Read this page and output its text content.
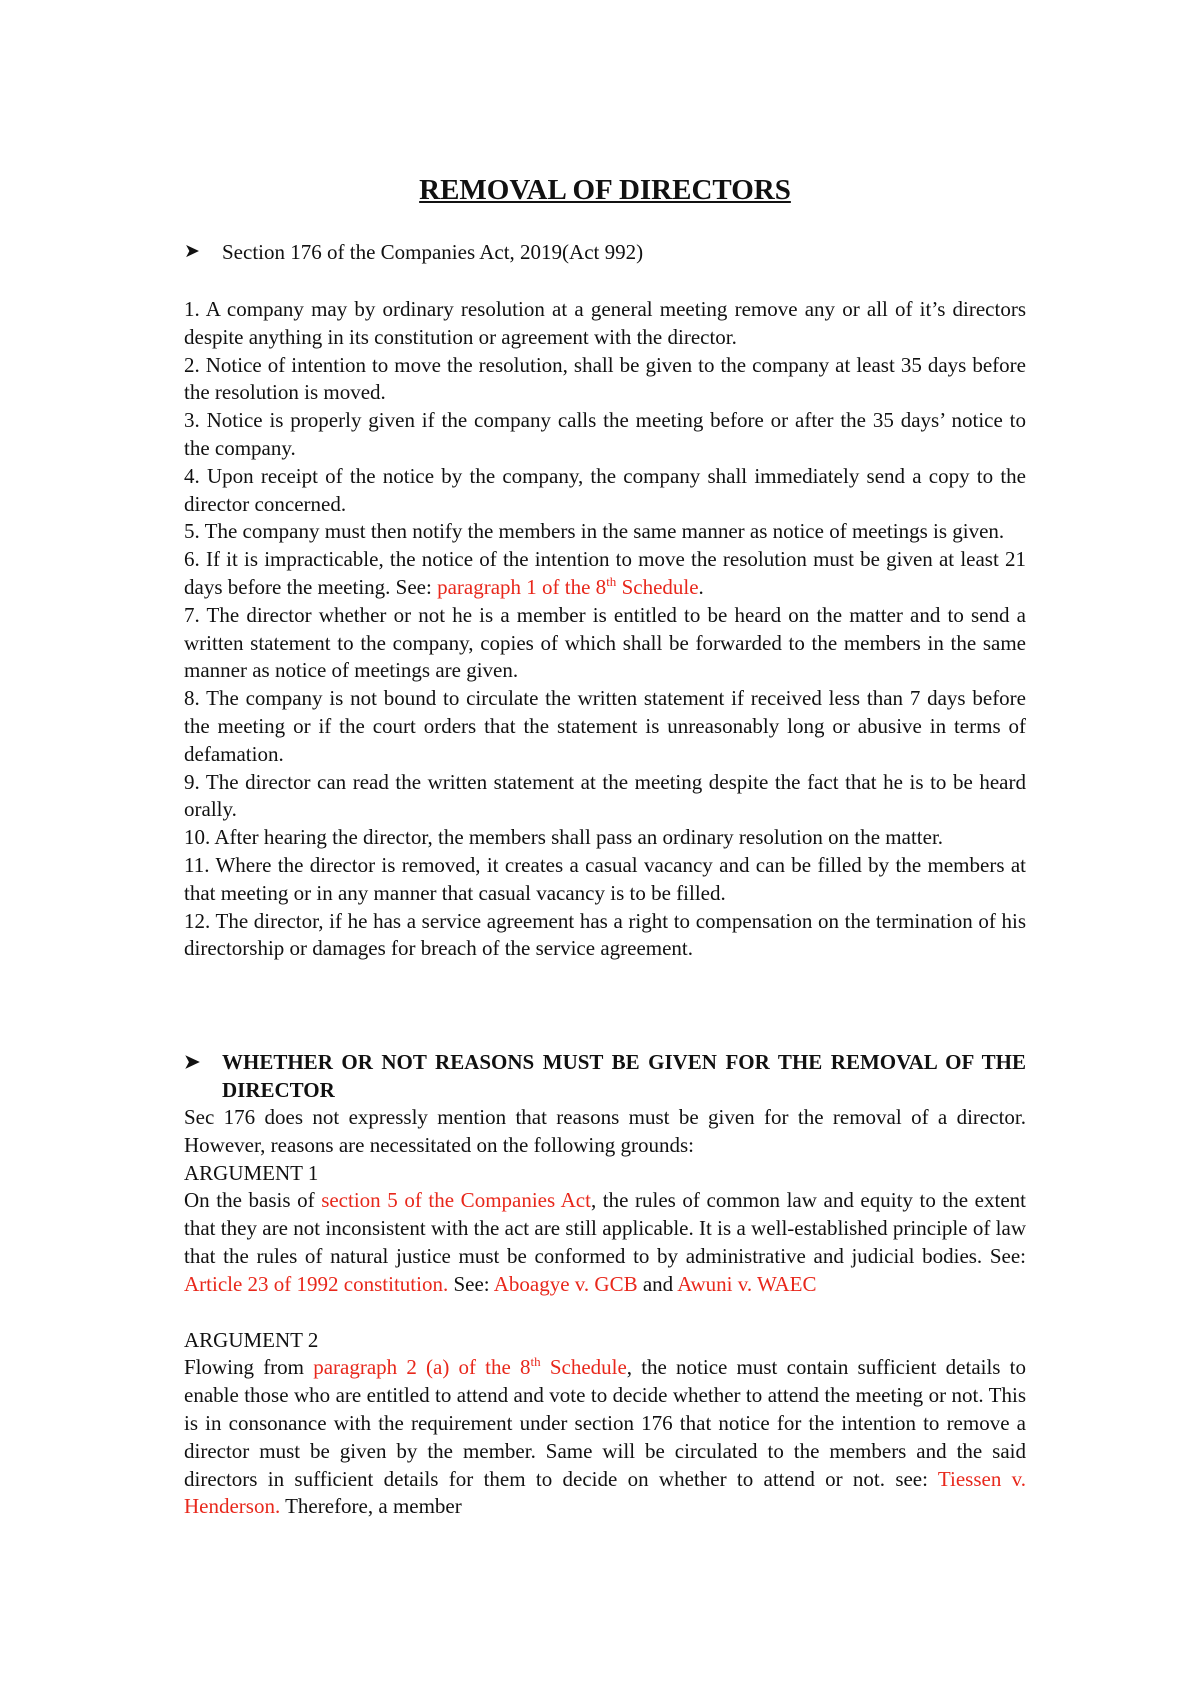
REMOVAL OF DIRECTORS
➤	Section 176 of the Companies Act, 2019(Act 992)

1. A company may by ordinary resolution at a general meeting remove any or all of it’s directors despite anything in its constitution or agreement with the director.

2. Notice of intention to move the resolution, shall be given to the company at least 35 days before the resolution is moved.

3. Notice is properly given if the company calls the meeting before or after the 35 days’ notice to the company.

4. Upon receipt of the notice by the company, the company shall immediately send a copy to the director concerned.

5. The company must then notify the members in the same manner as notice of meetings is given.

6. If it is impracticable, the notice of the intention to move the resolution must be given at least 21 days before the meeting. See: paragraph 1 of the 8th Schedule.

7. The director whether or not he is a member is entitled to be heard on the matter and to send a written statement to the company, copies of which shall be forwarded to the members in the same manner as notice of meetings are given.

8. The company is not bound to circulate the written statement if received less than 7 days before the meeting or if the court orders that the statement is unreasonably long or abusive in terms of defamation.

9. The director can read the written statement at the meeting despite the fact that he is to be heard orally.

10. After hearing the director, the members shall pass an ordinary resolution on the matter.

11. Where the director is removed, it creates a casual vacancy and can be filled by the members at that meeting or in any manner that casual vacancy is to be filled.

12. The director, if he has a service agreement has a right to compensation on the termination of his directorship or damages for breach of the service agreement.

➤	WHETHER OR NOT REASONS MUST BE GIVEN FOR THE REMOVAL OF THE DIRECTOR

Sec 176 does not expressly mention that reasons must be given for the removal of a director. However, reasons are necessitated on the following grounds:

ARGUMENT 1

On the basis of section 5 of the Companies Act, the rules of common law and equity to the extent that they are not inconsistent with the act are still applicable. It is a well-established principle of law that the rules of natural justice must be conformed to by administrative and judicial bodies. See: Article 23 of 1992 constitution. See: Aboagye v. GCB and Awuni v. WAEC

ARGUMENT 2

Flowing from paragraph 2 (a) of the 8th Schedule, the notice must contain sufficient details to enable those who are entitled to attend and vote to decide whether to attend the meeting or not. This is in consonance with the requirement under section 176 that notice for the intention to remove a director must be given by the member. Same will be circulated to the members and the said directors in sufficient details for them to decide on whether to attend or not. see: Tiessen v. Henderson. Therefore, a member
